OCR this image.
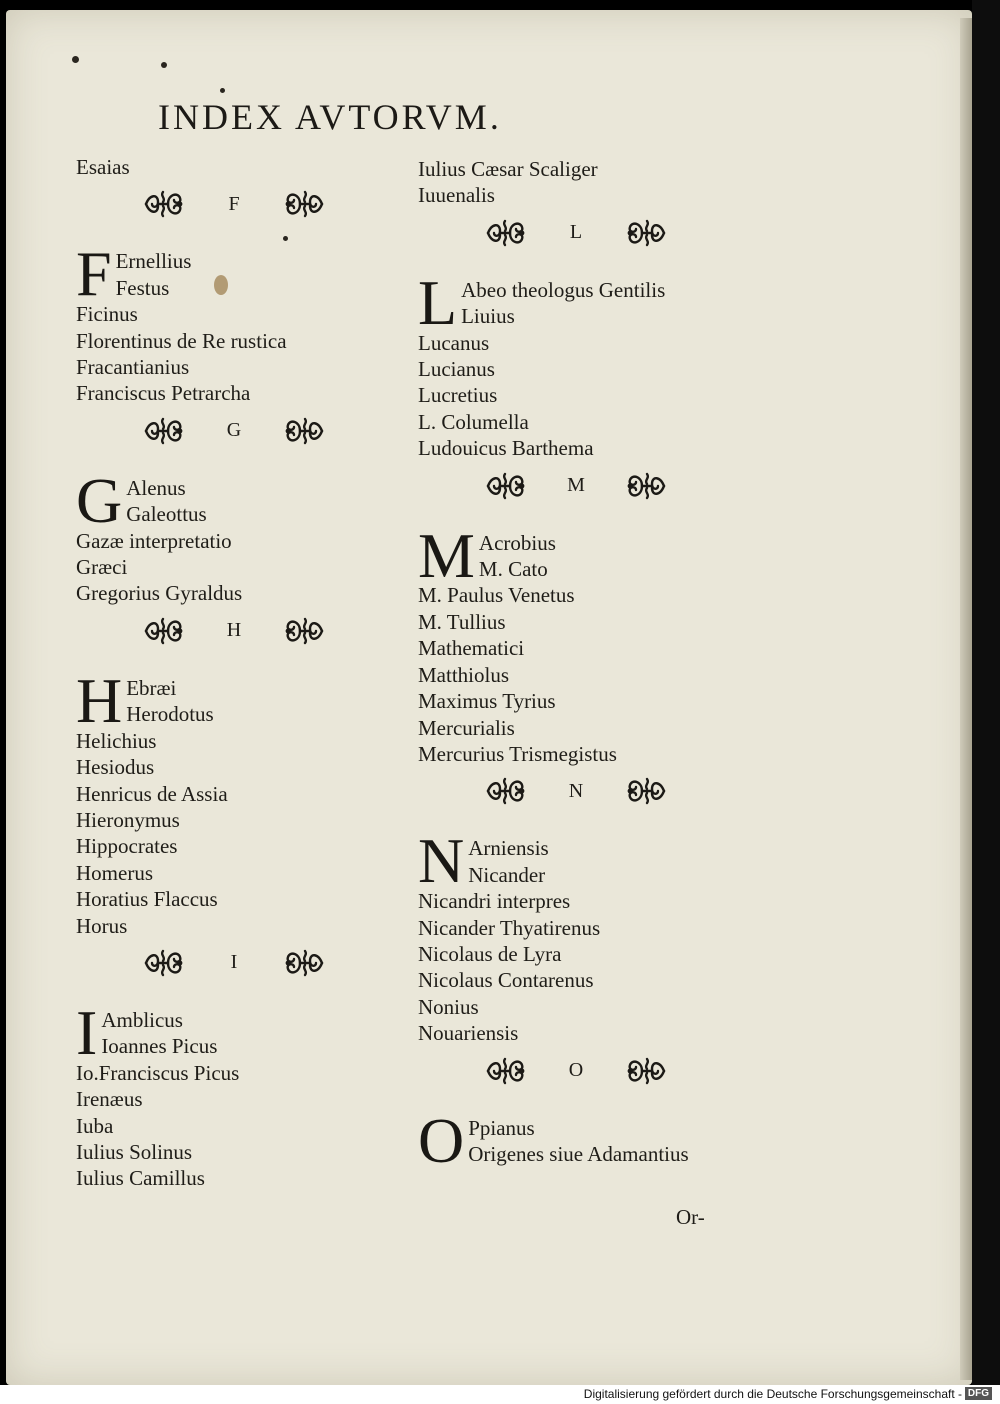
INDEX AVTORVM.
Esaias
F
F Ernellius
Festus
Ficinus
Florentinus de Re rustica
Fracantianius
Franciscus Petrarcha
G
G Alenus
Galeottus
Gazæ interpretatio
Græci
Gregorius Gyraldus
H
H Ebræi
Herodotus
Helichius
Hesiodus
Henricus de Assia
Hieronymus
Hippocrates
Homerus
Horatius Flaccus
Horus
I
I Amblicus
Ioannes Picus
Io.Franciscus Picus
Irenæus
Iuba
Iulius Solinus
Iulius Camillus
Iulius Cæsar Scaliger
Iuuenalis
L
L Abeo theologus Gentilis
Liuius
Lucanus
Lucianus
Lucretius
L. Columella
Ludouicus Barthema
M
M Acrobius
M. Cato
M. Paulus Venetus
M. Tullius
Mathematici
Matthiolus
Maximus Tyrius
Mercurialis
Mercurius Trismegistus
N
N Arniensis
Nicander
Nicandri interpres
Nicander Thyatirenus
Nicolaus de Lyra
Nicolaus Contarenus
Nonius
Nouariensis
O
O Ppianus
Origenes siue Adamantius
Or-
Digitalisierung gefördert durch die Deutsche Forschungsgemeinschaft - DFG
